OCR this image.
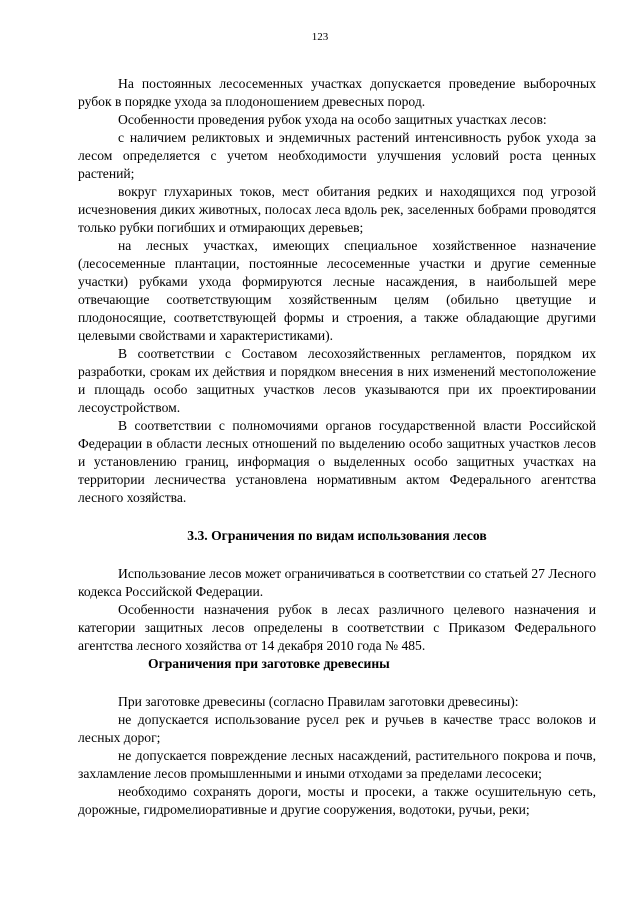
123

На постоянных лесосеменных участках допускается проведение выборочных рубок в порядке ухода за плодоношением древесных пород.

Особенности проведения рубок ухода на особо защитных участках лесов:

с наличием реликтовых и эндемичных растений интенсивность рубок ухода за лесом определяется с учетом необходимости улучшения условий роста ценных растений;

вокруг глухариных токов, мест обитания редких и находящихся под угрозой исчезновения диких животных, полосах леса вдоль рек, заселенных бобрами проводятся только рубки погибших и отмирающих деревьев;

на лесных участках, имеющих специальное хозяйственное назначение (лесосеменные плантации, постоянные лесосеменные участки и другие семенные участки) рубками ухода формируются лесные насаждения, в наибольшей мере отвечающие соответствующим хозяйственным целям (обильно цветущие и плодоносящие, соответствующей формы и строения, а также обладающие другими целевыми свойствами и характеристиками).

В соответствии с Составом лесохозяйственных регламентов, порядком их разработки, срокам их действия и порядком внесения в них изменений местоположение и площадь особо защитных участков лесов указываются при их проектировании лесоустройством.

В соответствии с полномочиями органов государственной власти Российской Федерации в области лесных отношений по выделению особо защитных участков лесов и установлению границ, информация о выделенных особо защитных участках на территории лесничества установлена нормативным актом Федерального агентства лесного хозяйства.

3.3. Ограничения по видам использования лесов

Использование лесов может ограничиваться в соответствии со статьей 27 Лесного кодекса Российской Федерации.

Особенности назначения рубок в лесах различного целевого назначения и категории защитных лесов определены в соответствии с Приказом Федерального агентства лесного хозяйства от 14 декабря 2010 года № 485.

Ограничения при заготовке древесины

При заготовке древесины (согласно Правилам заготовки древесины):

не допускается использование русел рек и ручьев в качестве трасс волоков и лесных дорог;

не допускается повреждение лесных насаждений, растительного покрова и почв, захламление лесов промышленными и иными отходами за пределами лесосеки;

необходимо сохранять дороги, мосты и просеки, а также осушительную сеть, дорожные, гидромелиоративные и другие сооружения, водотоки, ручьи, реки;
